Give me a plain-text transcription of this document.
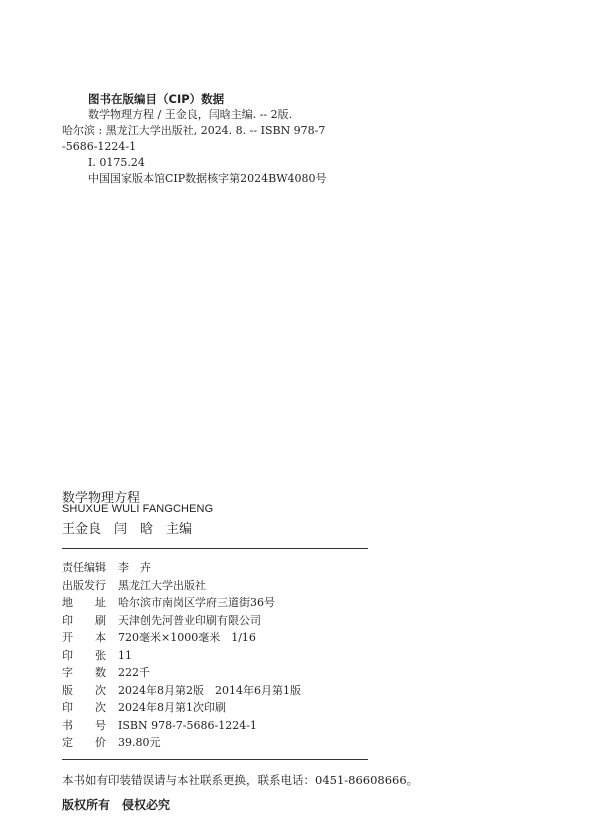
图书在版编目（CIP）数据
数学物理方程 / 王金良，闫晗主编. -- 2版.
哈尔滨 : 黑龙江大学出版社, 2024. 8. -- ISBN 978-7
-5686-1224-1
Ⅰ. 0175.24
中国国家版本馆CIP数据核字第2024BW4080号
数学物理方程
SHUXUE WULI FANGCHENG
王金良　闫　晗　主编
责任编辑 李　卉
出版发行 黑龙江大学出版社
地 址 哈尔滨市南岗区学府三道街36号
印 刷 天津创先河普业印刷有限公司
开 本 720毫米×1000毫米　1/16
印 张 11
字 数 222千
版 次 2024年8月第2版　2014年6月第1版
印 次 2024年8月第1次印刷
书 号 ISBN 978-7-5686-1224-1
定 价 39.80元
本书如有印装错误请与本社联系更换，联系电话：0451-86608666。
版权所有　侵权必究
